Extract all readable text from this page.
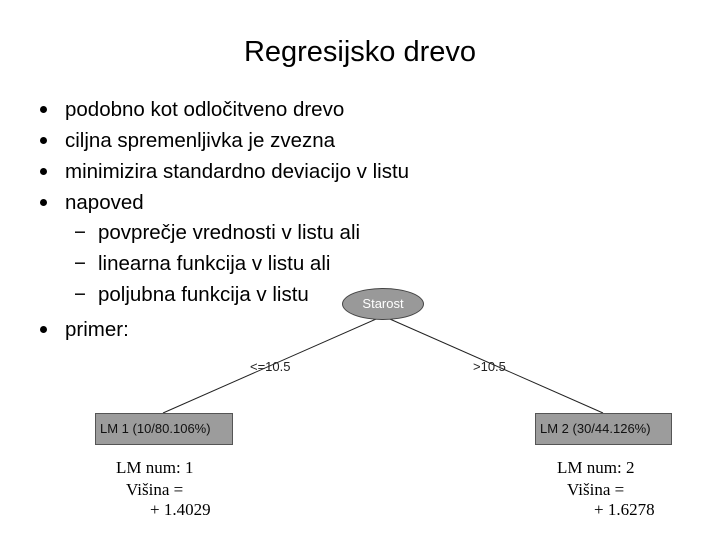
Regresijsko drevo
podobno kot odločitveno drevo
ciljna spremenljivka je zvezna
minimizira standardno deviacijo v listu
napoved
− povprečje vrednosti v listu ali
− linearna funkcija v listu ali
− poljubna funkcija v listu
primer:
Starost
<=10.5	>10.5
LM 1 (10/80.106%)	LM 2 (30/44.126%)
LM num: 1
Višina =
+ 1.4029
LM num: 2
Višina =
+ 1.6278
